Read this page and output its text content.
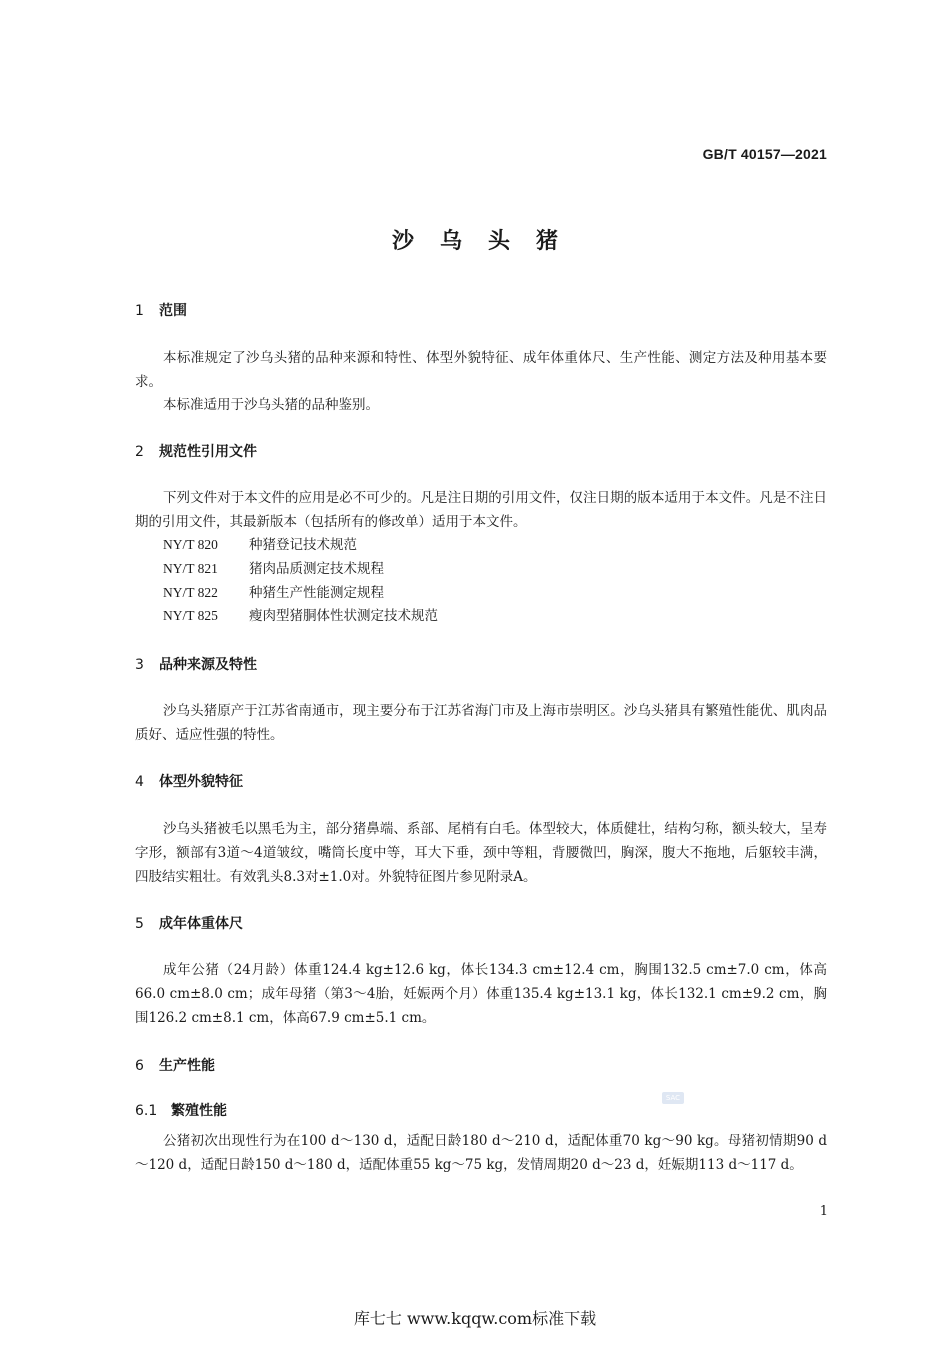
GB/T 40157—2021
沙乌头猪
1 范围
本标准规定了沙乌头猪的品种来源和特性、体型外貌特征、成年体重体尺、生产性能、测定方法及种用基本要求。
本标准适用于沙乌头猪的品种鉴别。
2 规范性引用文件
下列文件对于本文件的应用是必不可少的。凡是注日期的引用文件，仅注日期的版本适用于本文件。凡是不注日期的引用文件，其最新版本（包括所有的修改单）适用于本文件。
NY/T 820 种猪登记技术规范
NY/T 821 猪肉品质测定技术规程
NY/T 822 种猪生产性能测定规程
NY/T 825 瘦肉型猪胴体性状测定技术规范
3 品种来源及特性
沙乌头猪原产于江苏省南通市，现主要分布于江苏省海门市及上海市崇明区。沙乌头猪具有繁殖性能优、肌肉品质好、适应性强的特性。
4 体型外貌特征
沙乌头猪被毛以黑毛为主，部分猪鼻端、系部、尾梢有白毛。体型较大，体质健壮，结构匀称，额头较大，呈寿字形，额部有3道～4道皱纹，嘴筒长度中等，耳大下垂，颈中等粗，背腰微凹，胸深，腹大不拖地，后躯较丰满，四肢结实粗壮。有效乳头8.3对±1.0对。外貌特征图片参见附录A。
5 成年体重体尺
成年公猪（24月龄）体重124.4 kg±12.6 kg，体长134.3 cm±12.4 cm，胸围132.5 cm±7.0 cm，体高66.0 cm±8.0 cm；成年母猪（第3～4胎，妊娠两个月）体重135.4 kg±13.1 kg，体长132.1 cm±9.2 cm，胸围126.2 cm±8.1 cm，体高67.9 cm±5.1 cm。
6 生产性能
6.1 繁殖性能
SAC
公猪初次出现性行为在100 d～130 d，适配日龄180 d～210 d，适配体重70 kg～90 kg。母猪初情期90 d～120 d，适配日龄150 d～180 d，适配体重55 kg～75 kg，发情周期20 d～23 d，妊娠期113 d～117 d。
1
库七七 www.kqqw.com标准下载
